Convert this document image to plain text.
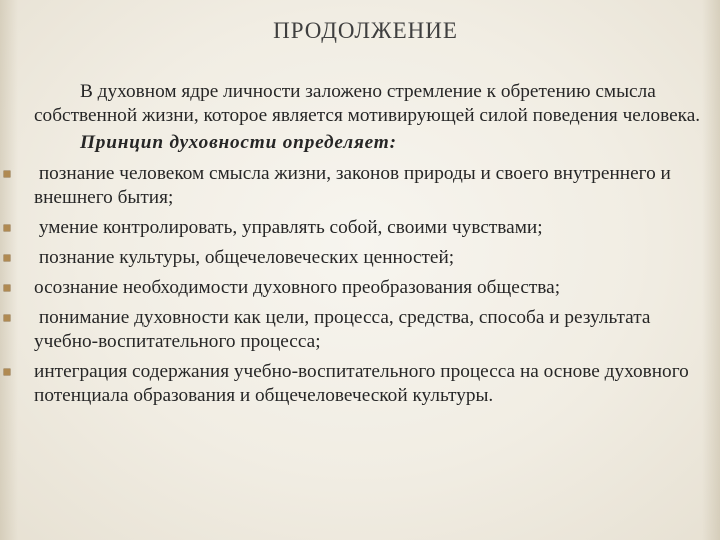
ПРОДОЛЖЕНИЕ

В духовном ядре личности заложено стремление к обретению смысла собственной жизни, которое является мотивирующей силой поведения человека.

Принцип духовности определяет:

познание человеком смысла жизни, законов природы и своего внутреннего и внешнего бытия;
умение контролировать, управлять собой, своими чувствами;
познание культуры, общечеловеческих ценностей;
осознание необходимости духовного преобразования общества;
понимание духовности как цели, процесса, средства, способа и результата учебно-воспитательного процесса;
интеграция содержания учебно-воспитательного процесса на основе духовного потенциала образования и общечеловеческой культуры.
